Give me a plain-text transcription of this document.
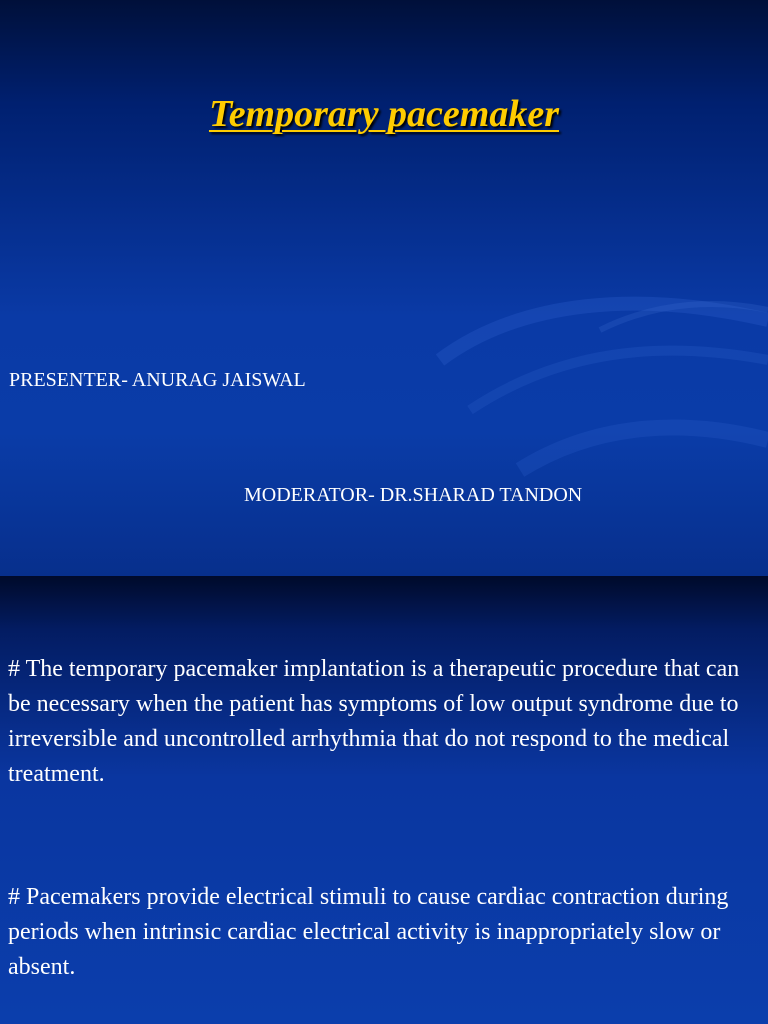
Temporary pacemaker
PRESENTER- ANURAG JAISWAL
MODERATOR- DR.SHARAD TANDON
# The temporary pacemaker implantation is a therapeutic procedure that can be necessary when the patient has symptoms of low output syndrome due to irreversible and uncontrolled arrhythmia that do not respond to the medical treatment.
# Pacemakers provide electrical stimuli to cause cardiac contraction during periods when intrinsic cardiac electrical activity is inappropriately slow or absent.
